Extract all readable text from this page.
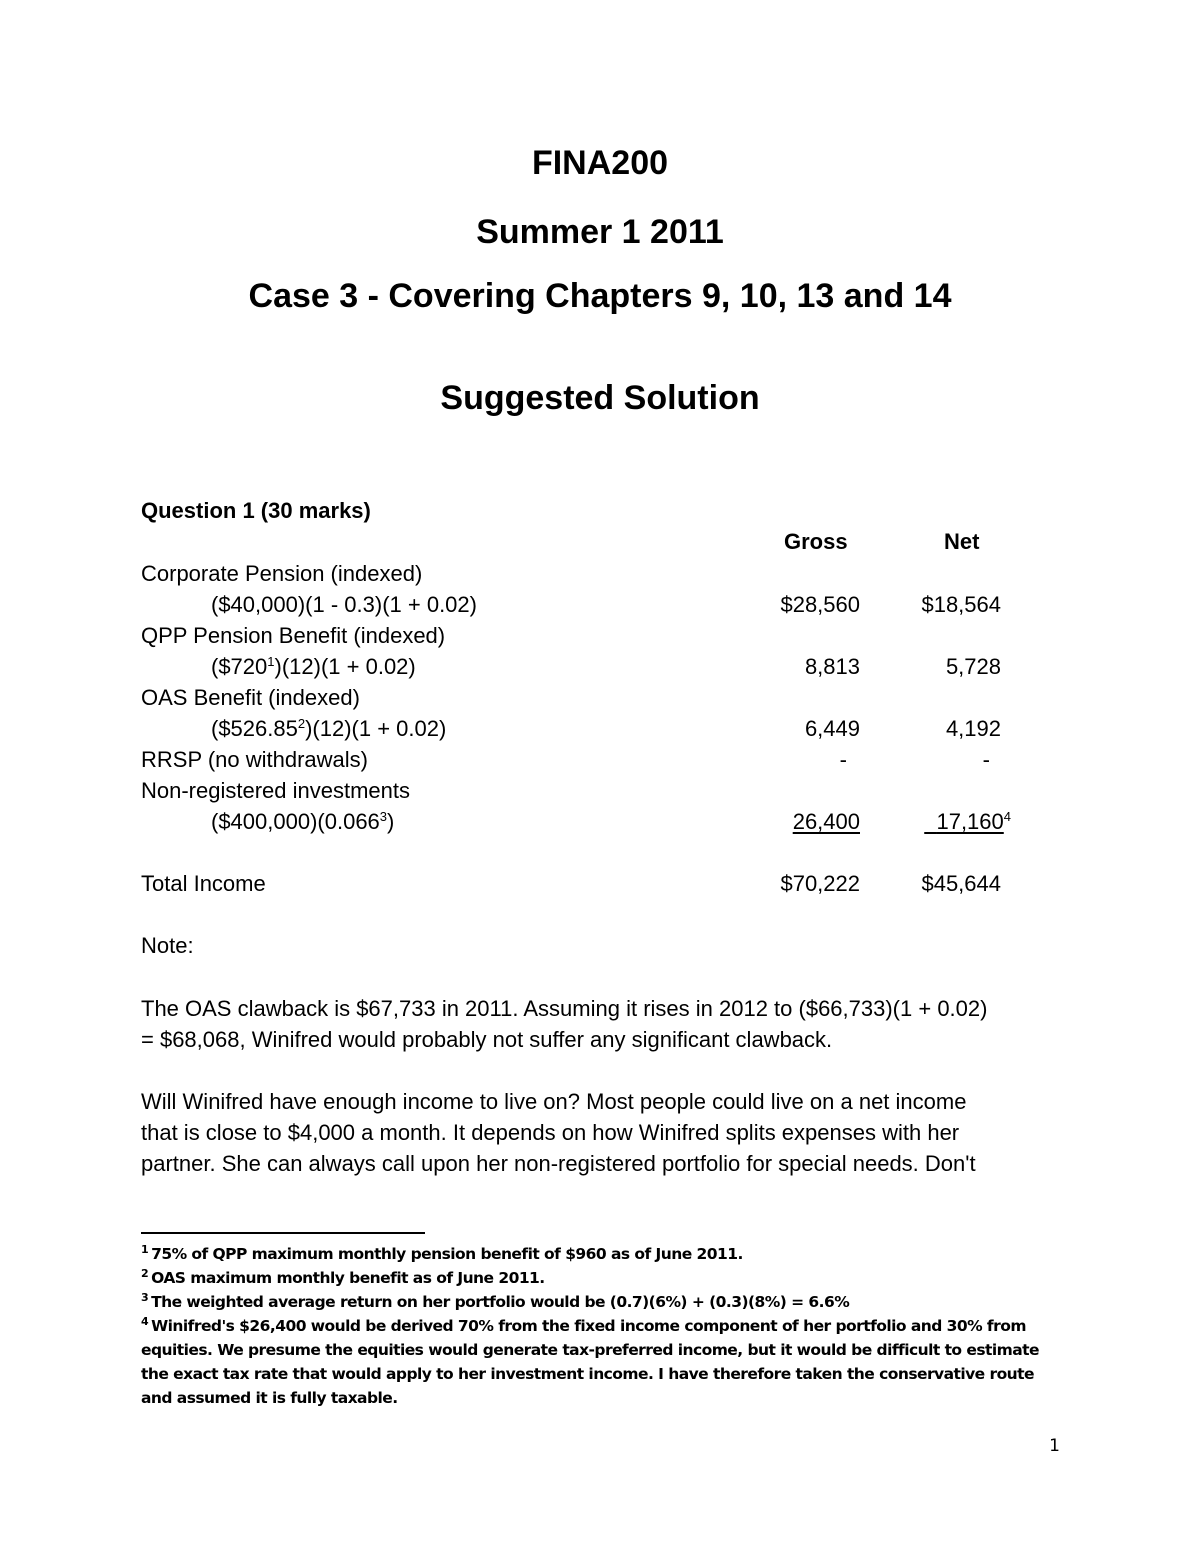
FINA200
Summer 1 2011
Case 3 - Covering Chapters 9, 10, 13 and 14
Suggested Solution
Question 1 (30 marks)
Gross	Net
Corporate Pension (indexed)
($40,000)(1 - 0.3)(1 + 0.02)	$28,560	$18,564
QPP Pension Benefit (indexed)
$(\$720^1)(12)(1 + 0.02)$	8,813	5,728
OAS Benefit (indexed)
$(\$526.85^2)(12)(1 + 0.02)$	6,449	4,192
RRSP (no withdrawals)	-	-
Non-registered investments
($400,000)(0.066$^3$)	26,400	17,160$^4$
Total Income	$70,222	$45,644
Note:
The OAS clawback is $67,733 in 2011. Assuming it rises in 2012 to ($66,733)(1 + 0.02)
= $68,068, Winifred would probably not suffer any significant clawback.
Will Winifred have enough income to live on? Most people could live on a net income
that is close to $4,000 a month. It depends on how Winifred splits expenses with her
partner. She can always call upon her non-registered portfolio for special needs. Don't

$^1$ 75% of QPP maximum monthly pension benefit of $960 as of June 2011.

$^2$ OAS maximum monthly benefit as of June 2011.

$^3$ The weighted average return on her portfolio would be (0.7)(6%) + (0.3)(8%) = 6.6%

$^4$ Winifred's $26,400 would be derived 70% from the fixed income component of her portfolio and 30% from equities. We presume the equities would generate tax-preferred income, but it would be difficult to estimate the exact tax rate that would apply to her investment income. I have therefore taken the conservative route and assumed it is fully taxable.

1
